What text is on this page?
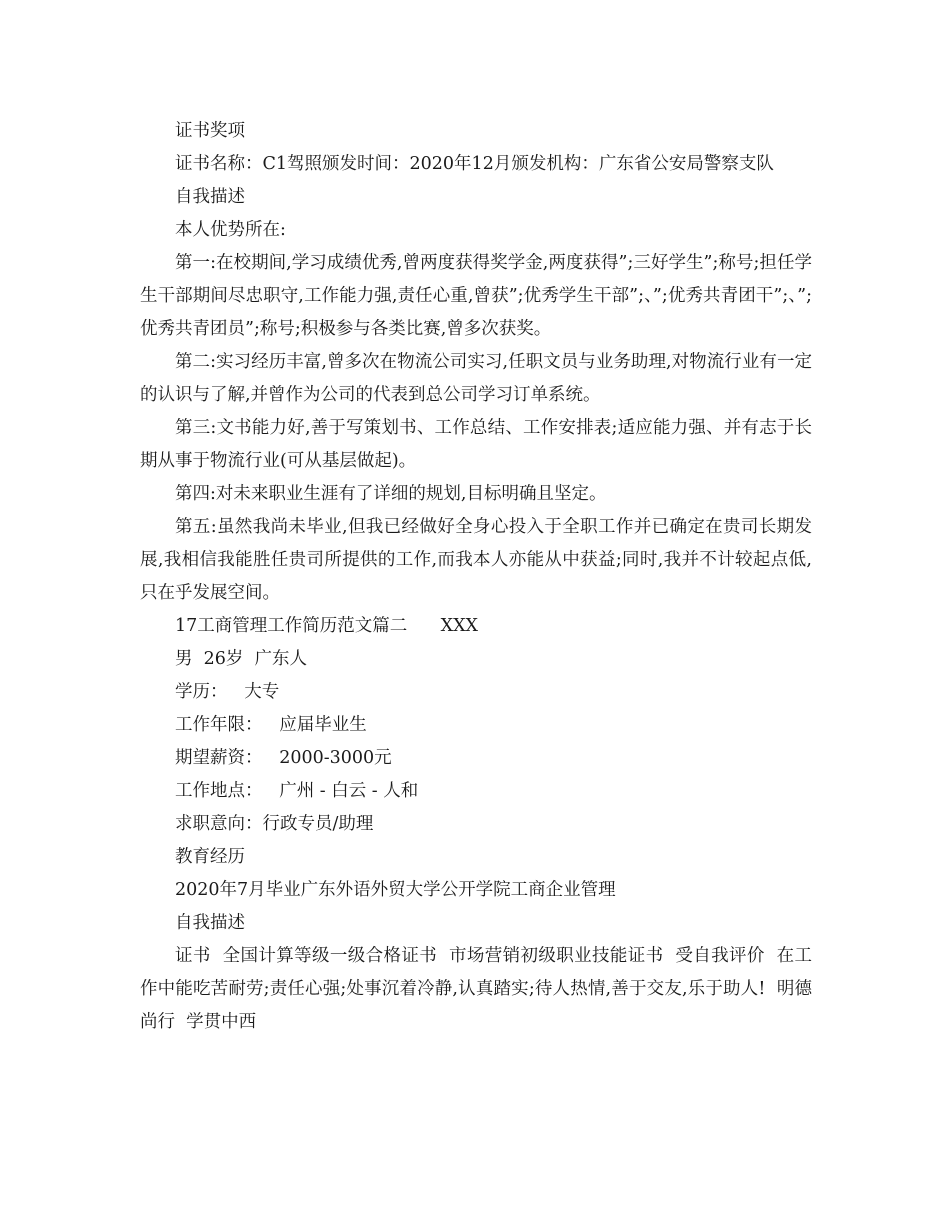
证书奖项

证书名称：C1驾照颁发时间：2020年12月颁发机构：广东省公安局警察支队

自我描述

本人优势所在:

第一:在校期间,学习成绩优秀,曾两度获得奖学金,两度获得”;三好学生”;称号;担任学生干部期间尽忠职守,工作能力强,责任心重,曾获”;优秀学生干部”;、”;优秀共青团干”;、”;优秀共青团员”;称号;积极参与各类比赛,曾多次获奖。

第二:实习经历丰富,曾多次在物流公司实习,任职文员与业务助理,对物流行业有一定的认识与了解,并曾作为公司的代表到总公司学习订单系统。

第三:文书能力好,善于写策划书、工作总结、工作安排表;适应能力强、并有志于长期从事于物流行业(可从基层做起)。

第四:对未来职业生涯有了详细的规划,目标明确且坚定。

第五:虽然我尚未毕业,但我已经做好全身心投入于全职工作并已确定在贵司长期发展,我相信我能胜任贵司所提供的工作,而我本人亦能从中获益;同时,我并不计较起点低,只在乎发展空间。

17工商管理工作简历范文篇二      XXX

男  26岁  广东人

学历：   大专

工作年限：   应届毕业生

期望薪资：   2000-3000元

工作地点：   广州 - 白云 - 人和

求职意向：行政专员/助理

教育经历

2020年7月毕业广东外语外贸大学公开学院工商企业管理

自我描述

证书  全国计算等级一级合格证书  市场营销初级职业技能证书  受自我评价  在工作中能吃苦耐劳;责任心强;处事沉着冷静,认真踏实;待人热情,善于交友,乐于助人!  明德尚行  学贯中西
